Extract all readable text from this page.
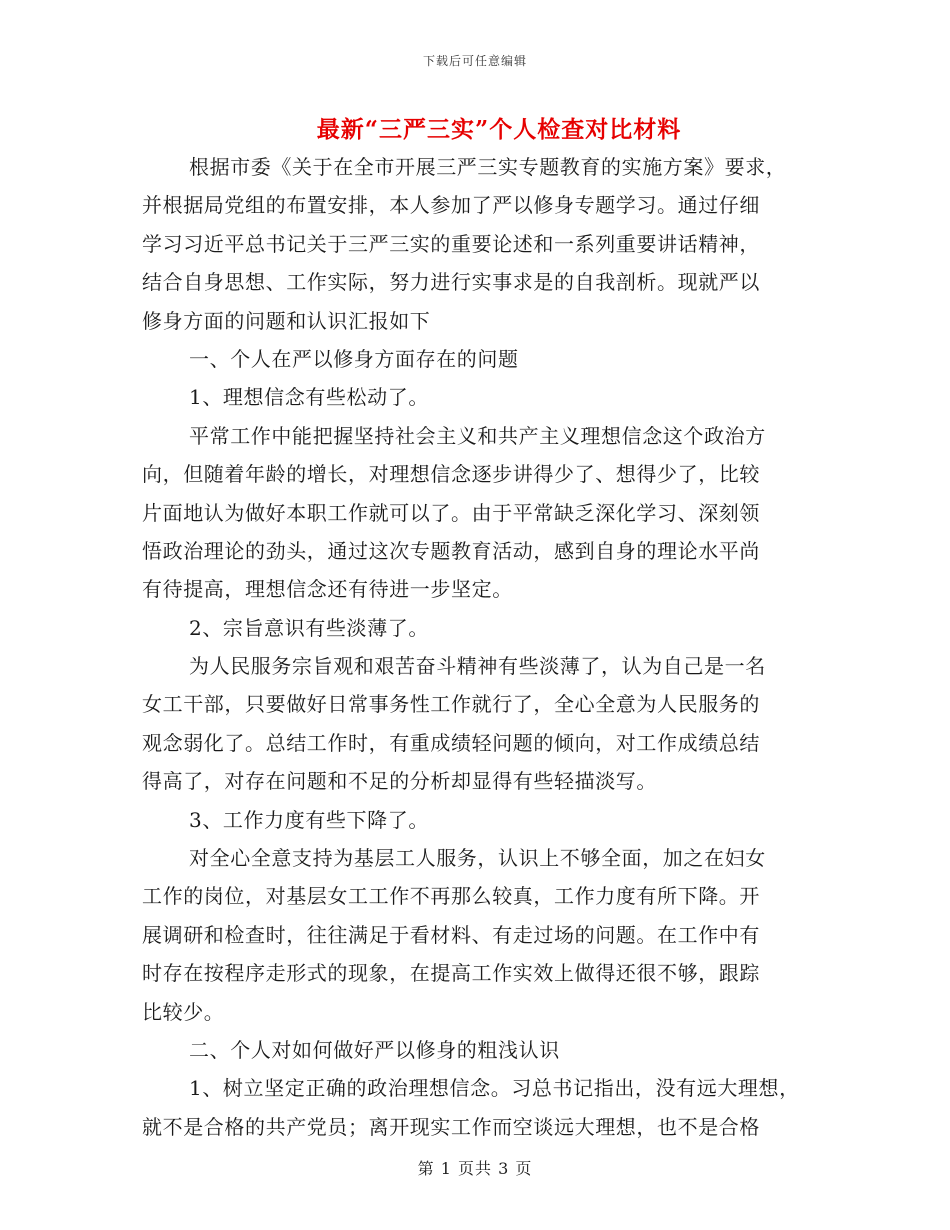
下载后可任意编辑
最新“三严三实”个人检查对比材料
根据市委《关于在全市开展三严三实专题教育的实施方案》要求，
并根据局党组的布置安排，本人参加了严以修身专题学习。通过仔细
学习习近平总书记关于三严三实的重要论述和一系列重要讲话精神，
结合自身思想、工作实际，努力进行实事求是的自我剖析。现就严以
修身方面的问题和认识汇报如下
一、个人在严以修身方面存在的问题
1、理想信念有些松动了。
平常工作中能把握坚持社会主义和共产主义理想信念这个政治方
向，但随着年龄的增长，对理想信念逐步讲得少了、想得少了，比较
片面地认为做好本职工作就可以了。由于平常缺乏深化学习、深刻领
悟政治理论的劲头，通过这次专题教育活动，感到自身的理论水平尚
有待提高，理想信念还有待进一步坚定。
2、宗旨意识有些淡薄了。
为人民服务宗旨观和艰苦奋斗精神有些淡薄了，认为自己是一名
女工干部，只要做好日常事务性工作就行了，全心全意为人民服务的
观念弱化了。总结工作时，有重成绩轻问题的倾向，对工作成绩总结
得高了，对存在问题和不足的分析却显得有些轻描淡写。
3、工作力度有些下降了。
对全心全意支持为基层工人服务，认识上不够全面，加之在妇女
工作的岗位，对基层女工工作不再那么较真，工作力度有所下降。开
展调研和检查时，往往满足于看材料、有走过场的问题。在工作中有
时存在按程序走形式的现象，在提高工作实效上做得还很不够，跟踪
比较少。
二、个人对如何做好严以修身的粗浅认识
1、树立坚定正确的政治理想信念。习总书记指出，没有远大理想，
就不是合格的共产党员；离开现实工作而空谈远大理想，也不是合格
第 1 页共 3 页
